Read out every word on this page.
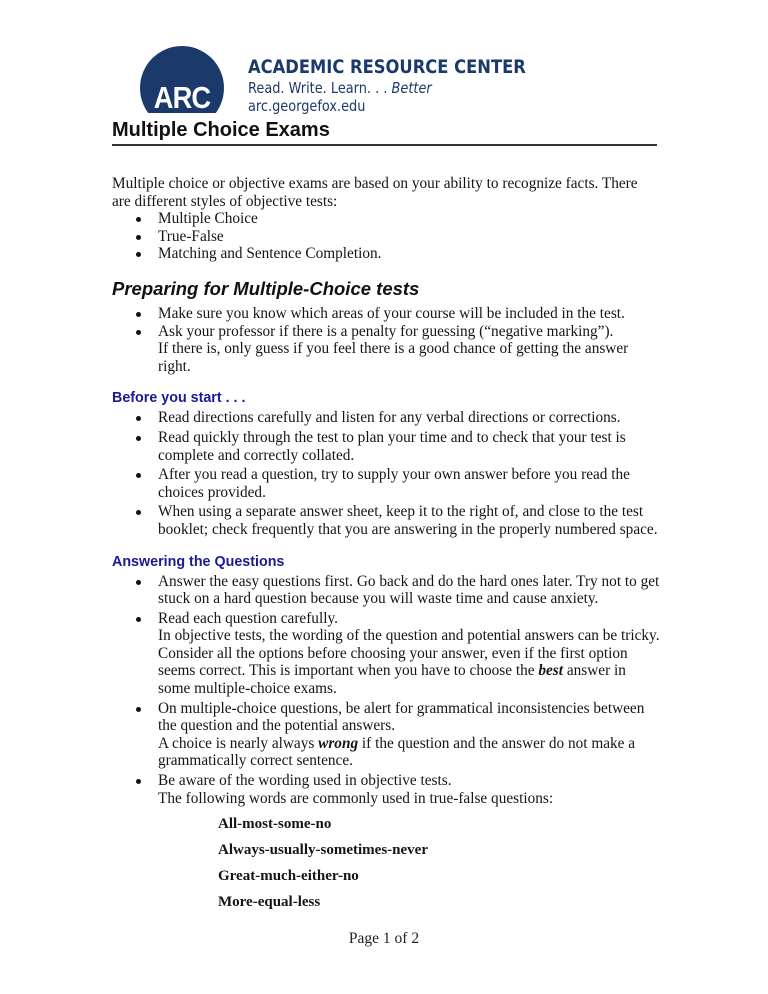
ARC
ACADEMIC RESOURCE CENTER
Read. Write. Learn. . . Better
arc.georgefox.edu
Multiple Choice Exams

Multiple choice or objective exams are based on your ability to recognize facts. There are different styles of objective tests:

Multiple Choice
True-False
Matching and Sentence Completion.
Preparing for Multiple-Choice tests
Make sure you know which areas of your course will be included in the test.
Ask your professor if there is a penalty for guessing (“negative marking”).
If there is, only guess if you feel there is a good chance of getting the answer right.
Before you start . . .
Read directions carefully and listen for any verbal directions or corrections.
Read quickly through the test to plan your time and to check that your test is complete and correctly collated.
After you read a question, try to supply your own answer before you read the choices provided.
When using a separate answer sheet, keep it to the right of, and close to the test booklet; check frequently that you are answering in the properly numbered space.
Answering the Questions
Answer the easy questions first. Go back and do the hard ones later. Try not to get stuck on a hard question because you will waste time and cause anxiety.
Read each question carefully.
In objective tests, the wording of the question and potential answers can be tricky. Consider all the options before choosing your answer, even if the first option seems correct. This is important when you have to choose the best answer in some multiple-choice exams.
On multiple-choice questions, be alert for grammatical inconsistencies between the question and the potential answers.
A choice is nearly always wrong if the question and the answer do not make a grammatically correct sentence.
Be aware of the wording used in objective tests.
The following words are commonly used in true-false questions:
All-most-some-no
Always-usually-sometimes-never
Great-much-either-no
More-equal-less
Page 1 of 2
